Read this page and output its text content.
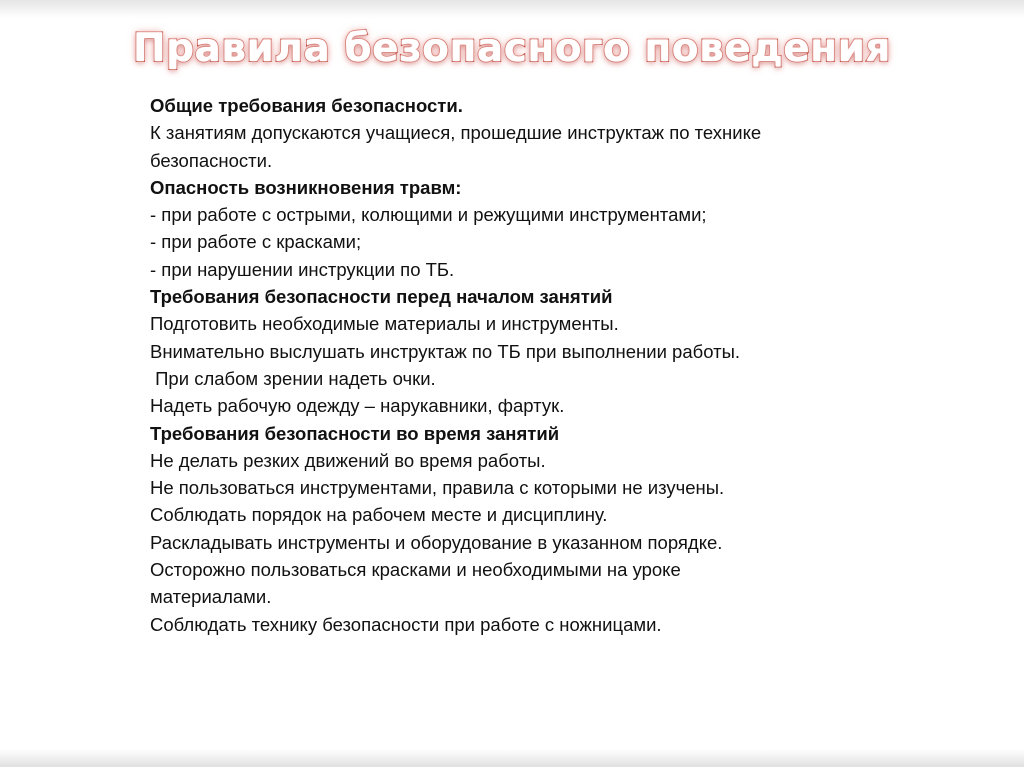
Правила безопасного поведения
Общие требования безопасности.
К занятиям допускаются учащиеся, прошедшие инструктаж по технике
безопасности.
Опасность возникновения травм:
- при работе с острыми, колющими и режущими инструментами;
- при работе с красками;
- при нарушении инструкции по ТБ.
Требования безопасности перед началом занятий
Подготовить необходимые материалы и инструменты.
Внимательно выслушать инструктаж по ТБ при выполнении работы.
При слабом зрении надеть очки.
Надеть рабочую одежду – нарукавники, фартук.
Требования безопасности во время занятий
Не делать резких движений во время работы.
Не пользоваться инструментами, правила с которыми не изучены.
Соблюдать порядок на рабочем месте и дисциплину.
Раскладывать инструменты и оборудование в указанном порядке.
Осторожно пользоваться красками и необходимыми на уроке
материалами.
Соблюдать технику безопасности при работе с ножницами.
